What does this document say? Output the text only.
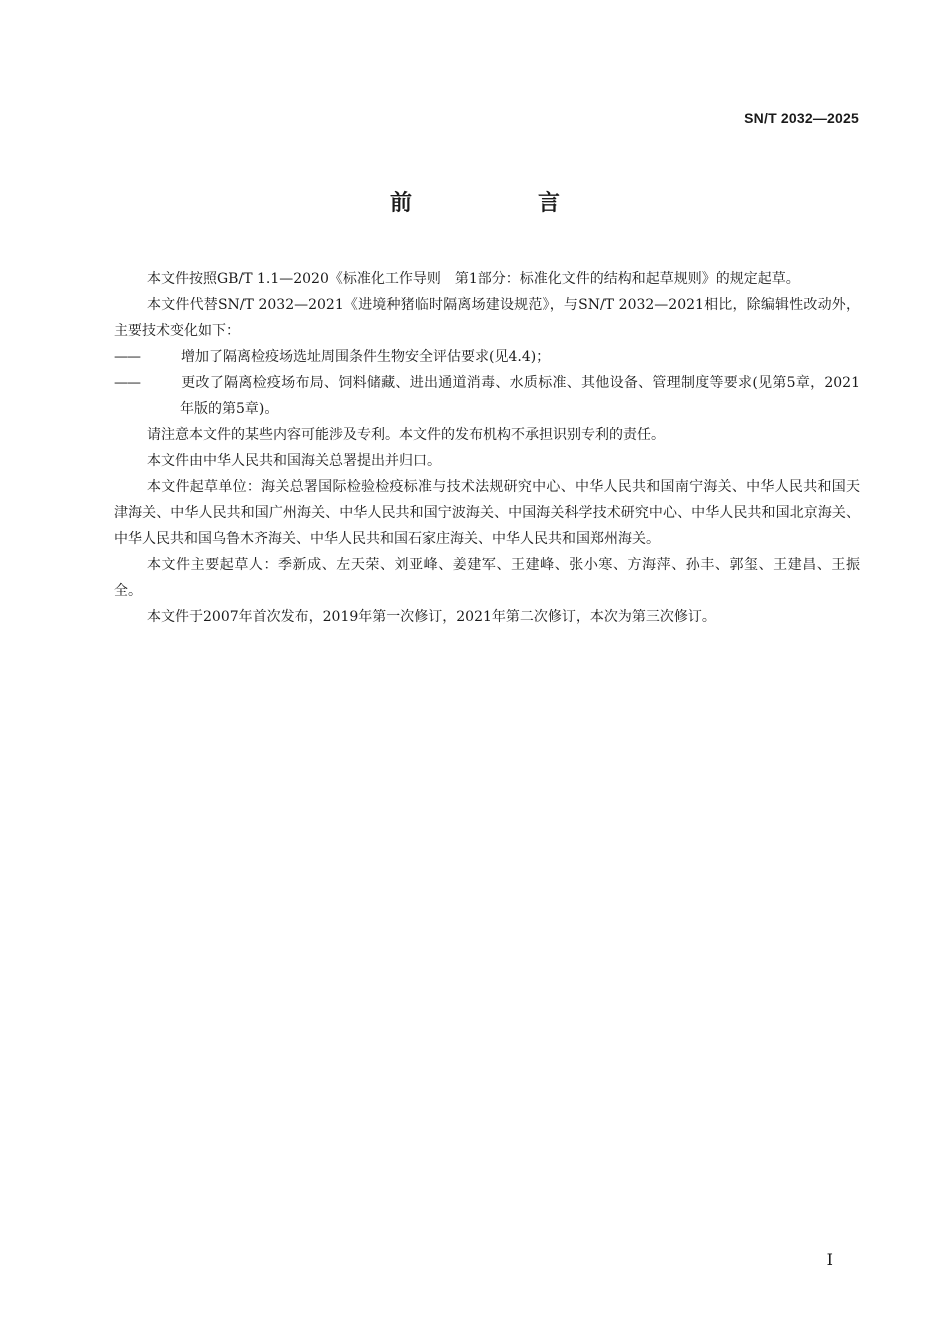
SN/T 2032—2025
前　言

本文件按照GB/T 1.1—2020《标准化工作导则　第1部分：标准化文件的结构和起草规则》的规定起草。

本文件代替SN/T 2032—2021《进境种猪临时隔离场建设规范》，与SN/T 2032—2021相比，除编辑性改动外，主要技术变化如下：

——	增加了隔离检疫场选址周围条件生物安全评估要求(见4.4)；

——	更改了隔离检疫场布局、饲料储藏、进出通道消毒、水质标准、其他设备、管理制度等要求(见第5章，2021年版的第5章)。

请注意本文件的某些内容可能涉及专利。本文件的发布机构不承担识别专利的责任。

本文件由中华人民共和国海关总署提出并归口。

本文件起草单位：海关总署国际检验检疫标准与技术法规研究中心、中华人民共和国南宁海关、中华人民共和国天津海关、中华人民共和国广州海关、中华人民共和国宁波海关、中国海关科学技术研究中心、中华人民共和国北京海关、中华人民共和国乌鲁木齐海关、中华人民共和国石家庄海关、中华人民共和国郑州海关。

本文件主要起草人：季新成、左天荣、刘亚峰、姜建军、王建峰、张小寒、方海萍、孙丰、郭玺、王建昌、王振全。

本文件于2007年首次发布，2019年第一次修订，2021年第二次修订，本次为第三次修订。

I
